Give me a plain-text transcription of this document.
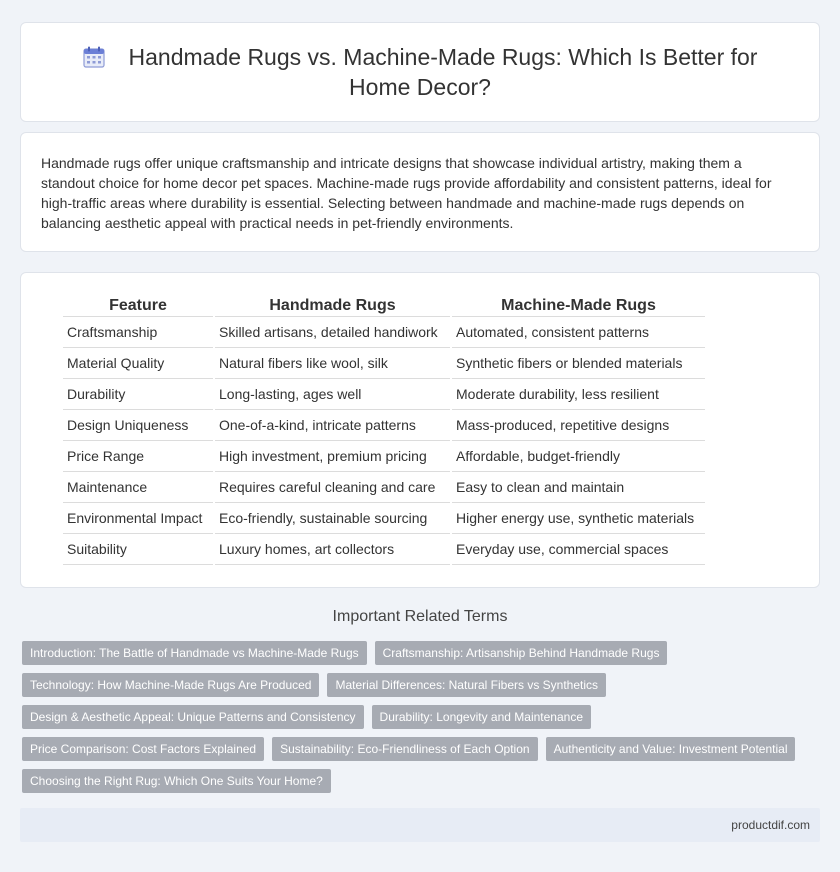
Handmade Rugs vs. Machine-Made Rugs: Which Is Better for Home Decor?

Handmade rugs offer unique craftsmanship and intricate designs that showcase individual artistry, making them a standout choice for home decor pet spaces. Machine-made rugs provide affordability and consistent patterns, ideal for high-traffic areas where durability is essential. Selecting between handmade and machine-made rugs depends on balancing aesthetic appeal with practical needs in pet-friendly environments.

Feature	Handmade Rugs	Machine-Made Rugs
Craftsmanship	Skilled artisans, detailed handiwork	Automated, consistent patterns
Material Quality	Natural fibers like wool, silk	Synthetic fibers or blended materials
Durability	Long-lasting, ages well	Moderate durability, less resilient
Design Uniqueness	One-of-a-kind, intricate patterns	Mass-produced, repetitive designs
Price Range	High investment, premium pricing	Affordable, budget-friendly
Maintenance	Requires careful cleaning and care	Easy to clean and maintain
Environmental Impact	Eco-friendly, sustainable sourcing	Higher energy use, synthetic materials
Suitability	Luxury homes, art collectors	Everyday use, commercial spaces
Important Related Terms
Introduction: The Battle of Handmade vs Machine-Made Rugs	Craftsmanship: Artisanship Behind Handmade Rugs
Technology: How Machine-Made Rugs Are Produced	Material Differences: Natural Fibers vs Synthetics
Design & Aesthetic Appeal: Unique Patterns and Consistency	Durability: Longevity and Maintenance
Price Comparison: Cost Factors Explained	Sustainability: Eco-Friendliness of Each Option	Authenticity and Value: Investment Potential
Choosing the Right Rug: Which One Suits Your Home?
productdif.com
